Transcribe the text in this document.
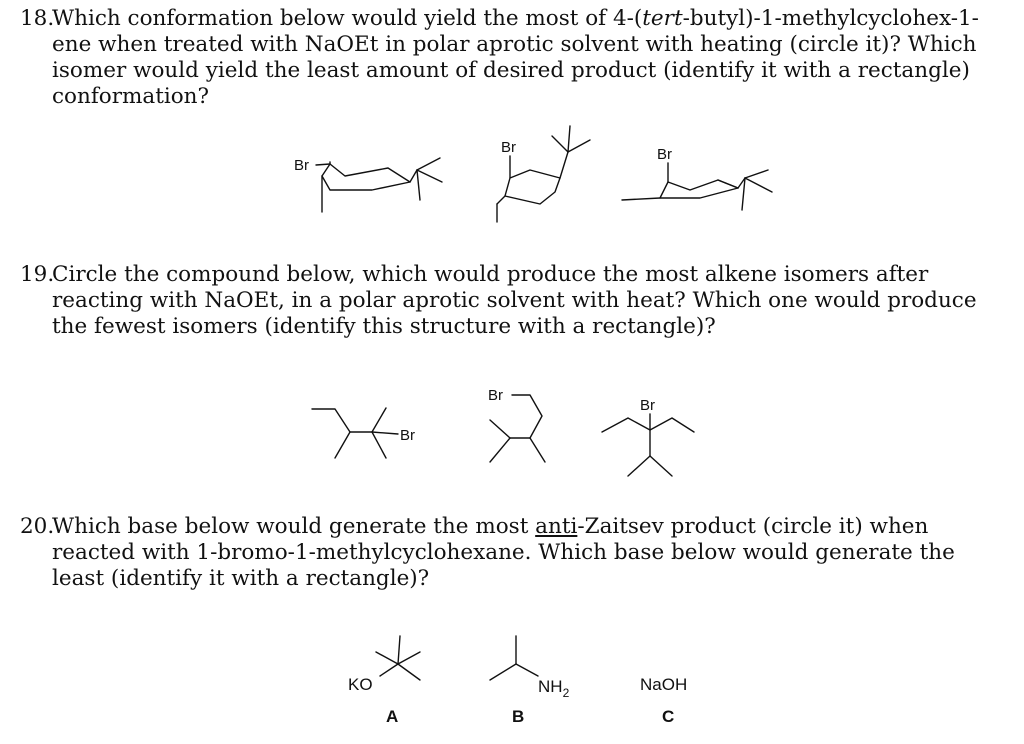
18.
Which conformation below would yield the most of 4-(tert-butyl)-1-methylcyclohex-1-ene when treated with NaOEt in polar aprotic solvent with heating (circle it)? Which isomer would yield the least amount of desired product (identify it with a rectangle) conformation?
19.
Circle the compound below, which would produce the most alkene isomers after reacting with NaOEt, in a polar aprotic solvent with heat? Which one would produce the fewest isomers (identify this structure with a rectangle)?
20.
Which base below would generate the most anti-Zaitsev product (circle it) when reacted with 1-bromo-1-methylcyclohexane. Which base below would generate the least (identify it with a rectangle)?
Br
Br	Br
Br
Br
Br
KO
A
$NH_2$
B
NaOH
C
